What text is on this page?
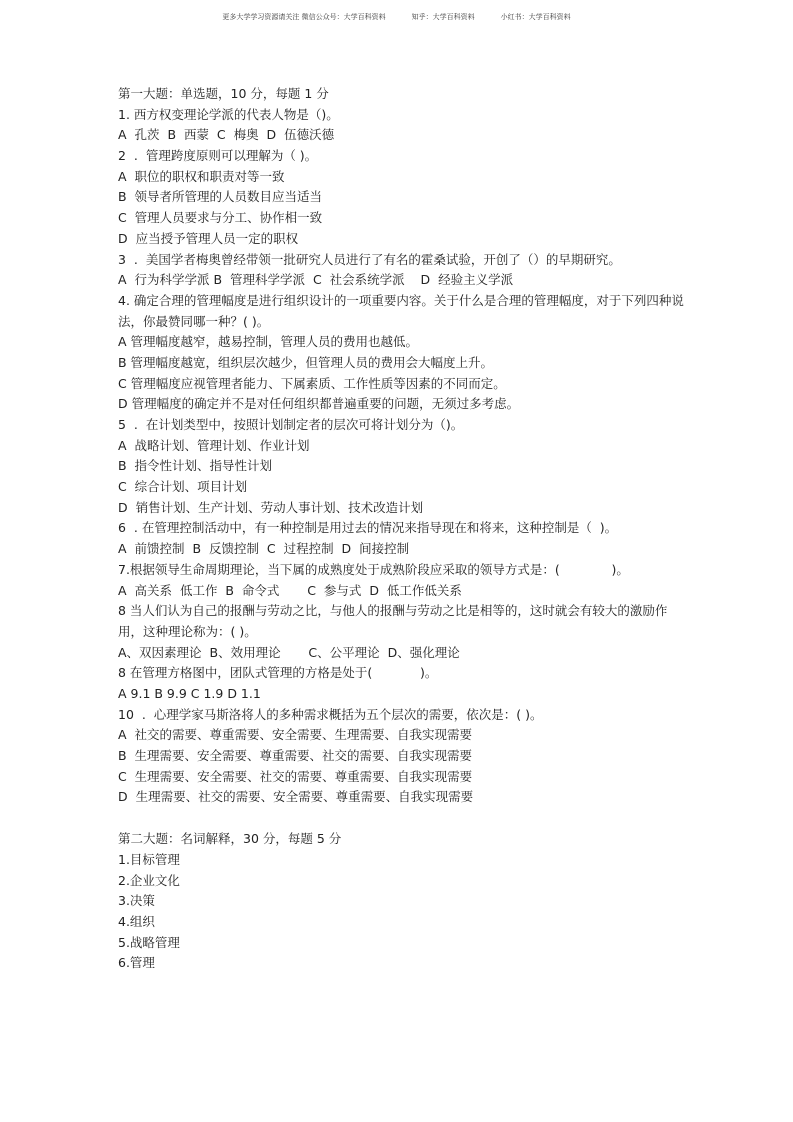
更多大学学习资源请关注 微信公众号：大学百科资料	知乎：大学百科资料	小红书：大学百科资料
第一大题：单选题，10 分，每题 1 分
1. 西方权变理论学派的代表人物是（)。
A  孔茨  B  西蒙  C  梅奥  D  伍德沃德
2  .  管理跨度原则可以理解为（ )。
A  职位的职权和职责对等一致
B  领导者所管理的人员数目应当适当
C  管理人员要求与分工、协作相一致
D  应当授予管理人员一定的职权
3  .  美国学者梅奥曾经带领一批研究人员进行了有名的霍桑试验，开创了（）的早期研究。
A  行为科学学派 B  管理科学学派  C  社会系统学派    D  经验主义学派
4. 确定合理的管理幅度是进行组织设计的一项重要内容。关于什么是合理的管理幅度，对于下列四种说法，你最赞同哪一种？( )。
A 管理幅度越窄，越易控制，管理人员的费用也越低。
B 管理幅度越宽，组织层次越少，但管理人员的费用会大幅度上升。
C 管理幅度应视管理者能力、下属素质、工作性质等因素的不同而定。
D 管理幅度的确定并不是对任何组织都普遍重要的问题，无须过多考虑。
5  .  在计划类型中，按照计划制定者的层次可将计划分为（)。
A  战略计划、管理计划、作业计划
B  指令性计划、指导性计划
C  综合计划、项目计划
D  销售计划、生产计划、劳动人事计划、技术改造计划
6  . 在管理控制活动中，有一种控制是用过去的情况来指导现在和将来，这种控制是（  )。
A  前馈控制  B  反馈控制  C  过程控制  D  间接控制
7.根据领导生命周期理论，当下属的成熟度处于成熟阶段应采取的领导方式是：(             )。
A  高关系  低工作  B  命令式       C  参与式  D  低工作低关系
8 当人们认为自己的报酬与劳动之比，与他人的报酬与劳动之比是相等的，这时就会有较大的激励作用，这种理论称为：( )。
A、双因素理论  B、效用理论       C、公平理论  D、强化理论
8 在管理方格图中，团队式管理的方格是处于(            )。
A 9.1 B 9.9 C 1.9 D 1.1
10  .  心理学家马斯洛将人的多种需求概括为五个层次的需要，依次是：( )。
A  社交的需要、尊重需要、安全需要、生理需要、自我实现需要
B  生理需要、安全需要、尊重需要、社交的需要、自我实现需要
C  生理需要、安全需要、社交的需要、尊重需要、自我实现需要
D  生理需要、社交的需要、安全需要、尊重需要、自我实现需要
第二大题：名词解释，30 分，每题 5 分
1.目标管理
2.企业文化
3.决策
4.组织
5.战略管理
6.管理
